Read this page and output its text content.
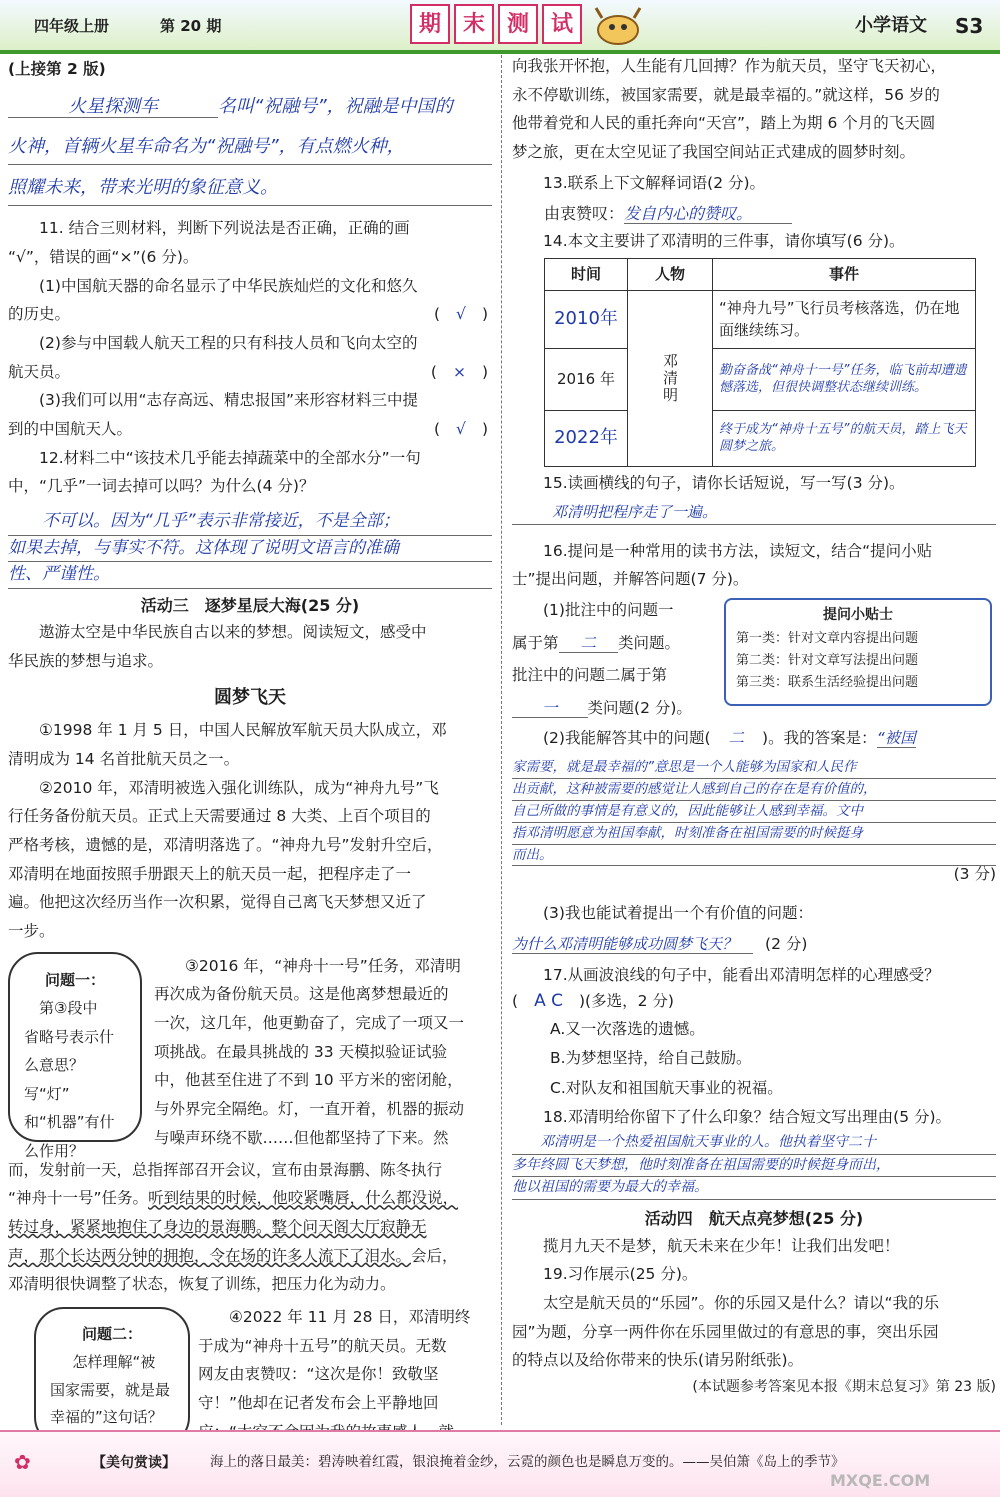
四年级上册	第 20 期	期 末 测 试	小学语文 S3

(上接第 2 版)

火星探测车	名叫“祝融号”，祝融是中国的

火神，首辆火星车命名为“祝融号”，有点燃火种，

照耀未来，带来光明的象征意义。

11. 结合三则材料，判断下列说法是否正确，正确的画

“√”，错误的画“×”(6 分)。

(1)中国航天器的命名显示了中华民族灿烂的文化和悠久

的历史。	( √ )

(2)参与中国载人航天工程的只有科技人员和飞向太空的

航天员。	( × )

(3)我们可以用“志存高远、精忠报国”来形容材料三中提

到的中国航天人。	( √ )

12.材料二中“该技术几乎能去掉蔬菜中的全部水分”一句

中，“几乎”一词去掉可以吗？为什么(4 分)？

不可以。因为“几乎”表示非常接近，不是全部；

如果去掉，与事实不符。这体现了说明文语言的准确

性、严谨性。

活动三　逐梦星辰大海(25 分)

遨游太空是中华民族自古以来的梦想。阅读短文，感受中

华民族的梦想与追求。

圆梦飞天

①1998 年 1 月 5 日，中国人民解放军航天员大队成立，邓

清明成为 14 名首批航天员之一。

②2010 年，邓清明被选入强化训练队，成为“神舟九号”飞

行任务备份航天员。正式上天需要通过 8 大类、上百个项目的

严格考核，遗憾的是，邓清明落选了。“神舟九号”发射升空后，

邓清明在地面按照手册跟天上的航天员一起，把程序走了一

遍。他把这次经历当作一次积累，觉得自己离飞天梦想又近了

一步。

问题一：

第③段中

省略号表示什

么意思？写“灯”

和“机器”有什

么作用？

③2016 年，“神舟十一号”任务，邓清明

再次成为备份航天员。这是他离梦想最近的

一次，这几年，他更勤奋了，完成了一项又一

项挑战。在最具挑战的 33 天模拟验证试验

中，他甚至住进了不到 10 平方米的密闭舱，

与外界完全隔绝。灯，一直开着，机器的振动

与噪声环绕不歇……但他都坚持了下来。然

而，发射前一天，总指挥部召开会议，宣布由景海鹏、陈冬执行

“神舟十一号”任务。听到结果的时候，他咬紧嘴唇，什么都没说，

转过身，紧紧地抱住了身边的景海鹏。整个问天阁大厅寂静无

声，那个长达两分钟的拥抱，令在场的许多人流下了泪水。会后，

邓清明很快调整了状态，恢复了训练，把压力化为动力。

问题二：

怎样理解“被

国家需要，就是最

幸福的”这句话？

④2022 年 11 月 28 日，邓清明终

于成为“神舟十五号”的航天员。无数

网友由衷赞叹：“这次是你！致敬坚

守！”他却在记者发布会上平静地回

向我张开怀抱，人生能有几回搏？作为航天员，坚守飞天初心，

永不停歇训练，被国家需要，就是最幸福的。”就这样，56 岁的

他带着党和人民的重托奔向“天宫”，踏上为期 6 个月的飞天圆

梦之旅，更在太空见证了我国空间站正式建成的圆梦时刻。

13.联系上下文解释词语(2 分)。

由衷赞叹：发自内心的赞叹。

14.本文主要讲了邓清明的三件事，请你填写(6 分)。

时间	人物	事件
2010年	邓清明	“神舟九号”飞行员考核落选，仍在地面继续练习。
2016 年		勤奋备战“神舟十一号”任务，临飞前却遭遗憾落选，但很快调整状态继续训练。
2022年		终于成为“神舟十五号”的航天员，踏上飞天圆梦之旅。

15.读画横线的句子，请你长话短说，写一写(3 分)。

邓清明把程序走了一遍。

16.提问是一种常用的读书方法，读短文，结合“提问小贴

士”提出问题，并解答问题(7 分)。

(1)批注中的问题一

属于第 二 类问题。

批注中的问题二属于第

一 类问题(2 分)。

提问小贴士

第一类：针对文章内容提出问题

第二类：针对文章写法提出问题

第三类：联系生活经验提出问题

(2)我能解答其中的问题( 二 )。我的答案是：“被国

家需要，就是最幸福的”意思是一个人能够为国家和人民作

出贡献，这种被需要的感觉让人感到自己的存在是有价值的，

自己所做的事情是有意义的，因此能够让人感到幸福。文中

指邓清明愿意为祖国奉献，时刻准备在祖国需要的时候挺身

而出。

(3 分)

(3)我也能试着提出一个有价值的问题：

为什么邓清明能够成功圆梦飞天？ (2 分)

17.从画波浪线的句子中，能看出邓清明怎样的心理感受？

( A C )(多选，2 分)

A.又一次落选的遗憾。

B.为梦想坚持，给自己鼓励。

C.对队友和祖国航天事业的祝福。

18.邓清明给你留下了什么印象？结合短文写出理由(5 分)。

邓清明是一个热爱祖国航天事业的人。他执着坚守二十

多年终圆飞天梦想，他时刻准备在祖国需要的时候挺身而出，

他以祖国的需要为最大的幸福。

活动四　航天点亮梦想(25 分)

揽月九天不是梦，航天未来在少年！让我们出发吧！

19.习作展示(25 分)。

太空是航天员的“乐园”。你的乐园又是什么？请以“我的乐

园”为题，分享一两件你在乐园里做过的有意思的事，突出乐园

的特点以及给你带来的快乐(请另附纸张)。

(本试题参考答案见本报《期末总复习》第 23 版)

✿	【美句赏读】	海上的落日最美：碧涛映着红霞，银浪掩着金纱，云霓的颜色也是瞬息万变的。——吴伯箫《岛上的季节》
MXQE.COM
